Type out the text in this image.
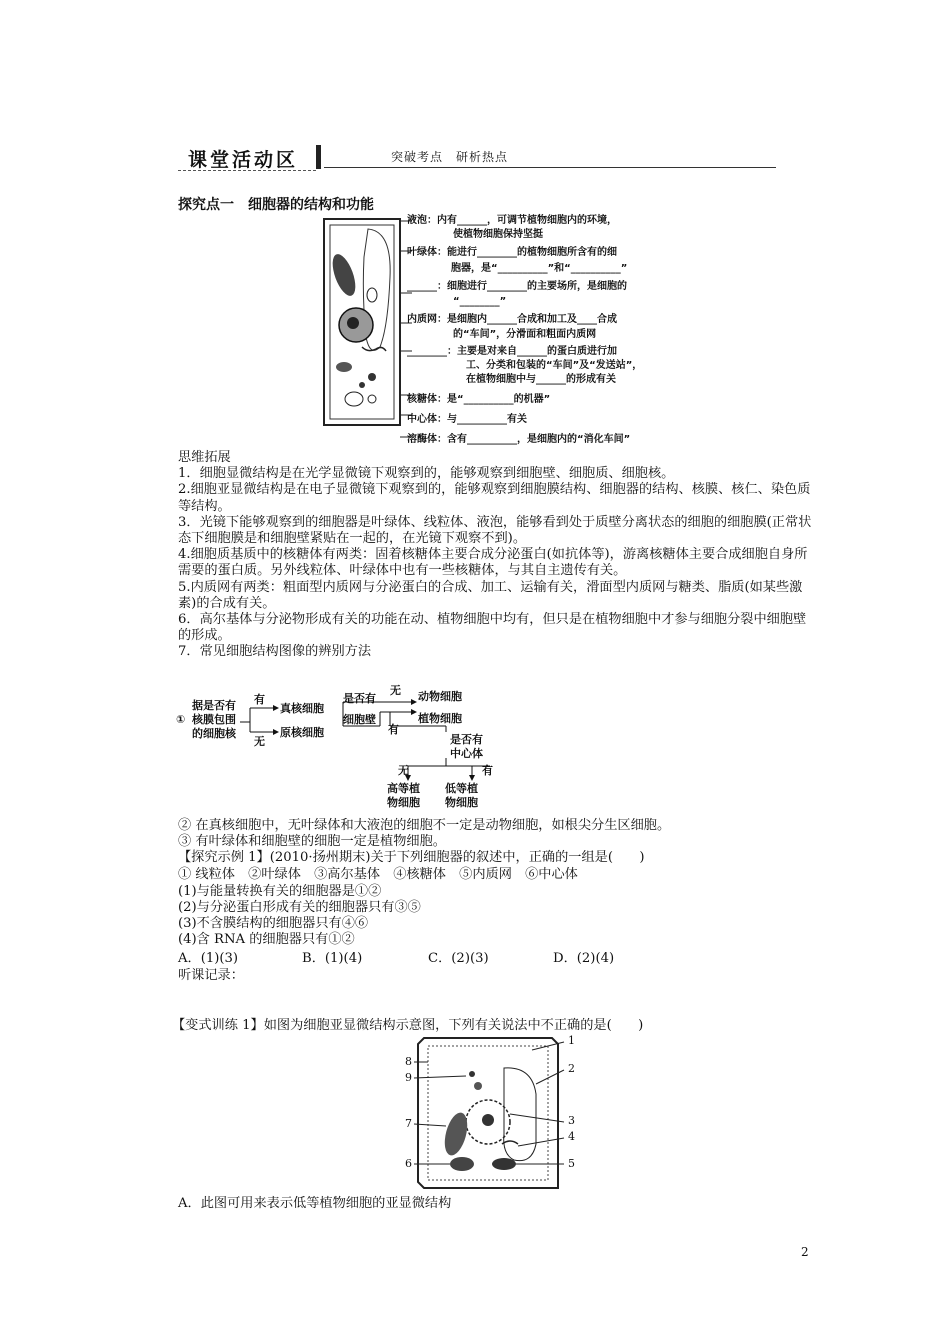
课堂活动区	突破考点　研析热点
探究点一　细胞器的结构和功能
液泡：内有______，可调节植物细胞内的环境，
使植物细胞保持坚挺
叶绿体：能进行________的植物细胞所含有的细
胞器，是“__________”和“__________”
______：细胞进行________的主要场所，是细胞的
“________”
内质网：是细胞内______合成和加工及____合成
的“车间”，分滑面和粗面内质网
________：主要是对来自______的蛋白质进行加
工、分类和包装的“车间”及“发送站”，
在植物细胞中与______的形成有关
核糖体：是“__________的机器”
中心体：与__________有关
溶酶体：含有__________，是细胞内的“消化车间”

思维拓展

1．细胞显微结构是在光学显微镜下观察到的，能够观察到细胞壁、细胞质、细胞核。

2.细胞亚显微结构是在电子显微镜下观察到的，能够观察到细胞膜结构、细胞器的结构、核膜、核仁、染色质等结构。

3．光镜下能够观察到的细胞器是叶绿体、线粒体、液泡，能够看到处于质壁分离状态的细胞的细胞膜(正常状态下细胞膜是和细胞壁紧贴在一起的，在光镜下观察不到)。

4.细胞质基质中的核糖体有两类：固着核糖体主要合成分泌蛋白(如抗体等)，游离核糖体主要合成细胞自身所需要的蛋白质。另外线粒体、叶绿体中也有一些核糖体，与其自主遗传有关。

5.内质网有两类：粗面型内质网与分泌蛋白的合成、加工、运输有关，滑面型内质网与糖类、脂质(如某些激素)的合成有关。

6．高尔基体与分泌物形成有关的功能在动、植物细胞中均有，但只是在植物细胞中才参与细胞分裂中细胞壁的形成。

7．常见细胞结构图像的辨别方法

据是否有
① 核膜包围
的细胞核
有
无
真核细胞
原核细胞
是否有
细胞壁
无
有
动物细胞
植物细胞
是否有
中心体
无	有
高等植
物细胞
低等植
物细胞

② 在真核细胞中，无叶绿体和大液泡的细胞不一定是动物细胞，如根尖分生区细胞。

③ 有叶绿体和细胞壁的细胞一定是植物细胞。

【探究示例 1】(2010·扬州期末)关于下列细胞器的叙述中，正确的一组是(　　)
① 线粒体　②叶绿体　③高尔基体　④核糖体　⑤内质网　⑥中心体
(1)与能量转换有关的细胞器是①②
(2)与分泌蛋白形成有关的细胞器只有③⑤
(3)不含膜结构的细胞器只有④⑥
(4)含 RNA 的细胞器只有①②
A．(1)(3)	B．(1)(4)	C．(2)(3)	D．(2)(4)
听课记录：
【变式训练 1】如图为细胞亚显微结构示意图，下列有关说法中不正确的是(　　)
1
2
3
4
5
6
7
8
9
A．此图可用来表示低等植物细胞的亚显微结构
2
